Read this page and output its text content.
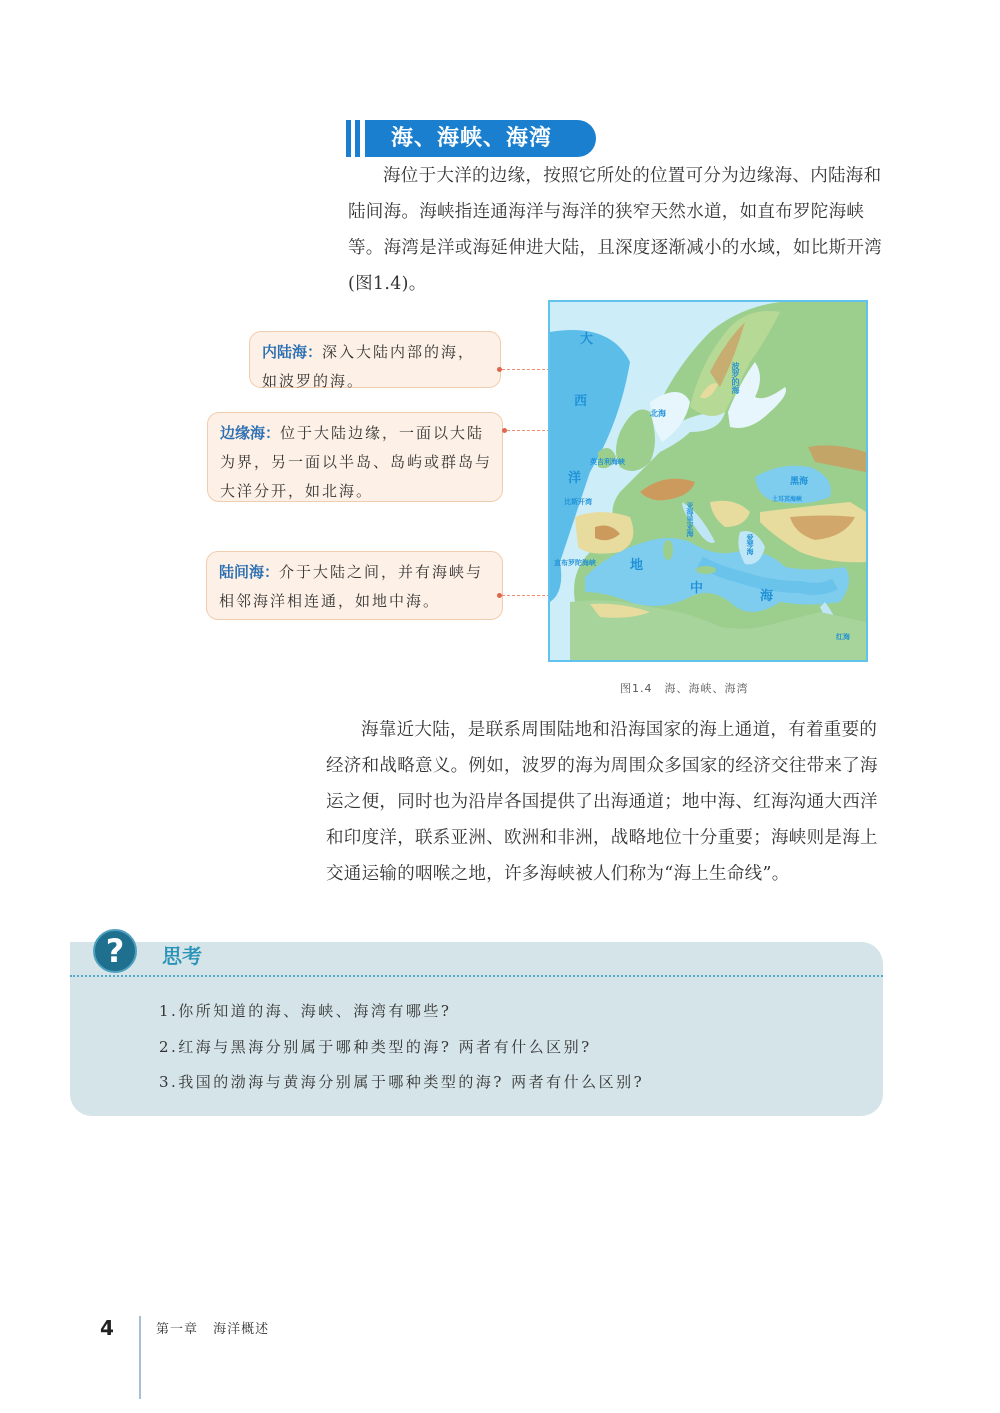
海、海峡、海湾

海位于大洋的边缘，按照它所处的位置可分为边缘海、内陆海和陆间海。海峡指连通海洋与海洋的狭窄天然水道，如直布罗陀海峡等。海湾是洋或海延伸进大陆，且深度逐渐减小的水域，如比斯开湾(图1.4)。

内陆海：深入大陆内部的海，如波罗的海。
边缘海：位于大陆边缘，一面以大陆为界，另一面以半岛、岛屿或群岛与大洋分开，如北海。
陆间海：介于大陆之间，并有海峡与相邻海洋相连通，如地中海。
大
西
洋
北海
波罗的海
英吉利海峡
比斯开湾
直布罗陀海峡	地
中
海
黑海
土耳其海峡
亚得里亚海
爱琴海
红海
图1.4　海、海峡、海湾

海靠近大陆，是联系周围陆地和沿海国家的海上通道，有着重要的经济和战略意义。例如，波罗的海为周围众多国家的经济交往带来了海运之便，同时也为沿岸各国提供了出海通道；地中海、红海沟通大西洋和印度洋，联系亚洲、欧洲和非洲，战略地位十分重要；海峡则是海上交通运输的咽喉之地，许多海峡被人们称为“海上生命线”。

?	思考
1.你所知道的海、海峡、海湾有哪些?
2.红海与黑海分别属于哪种类型的海? 两者有什么区别?
3.我国的渤海与黄海分别属于哪种类型的海? 两者有什么区别?
4	第一章 海洋概述
